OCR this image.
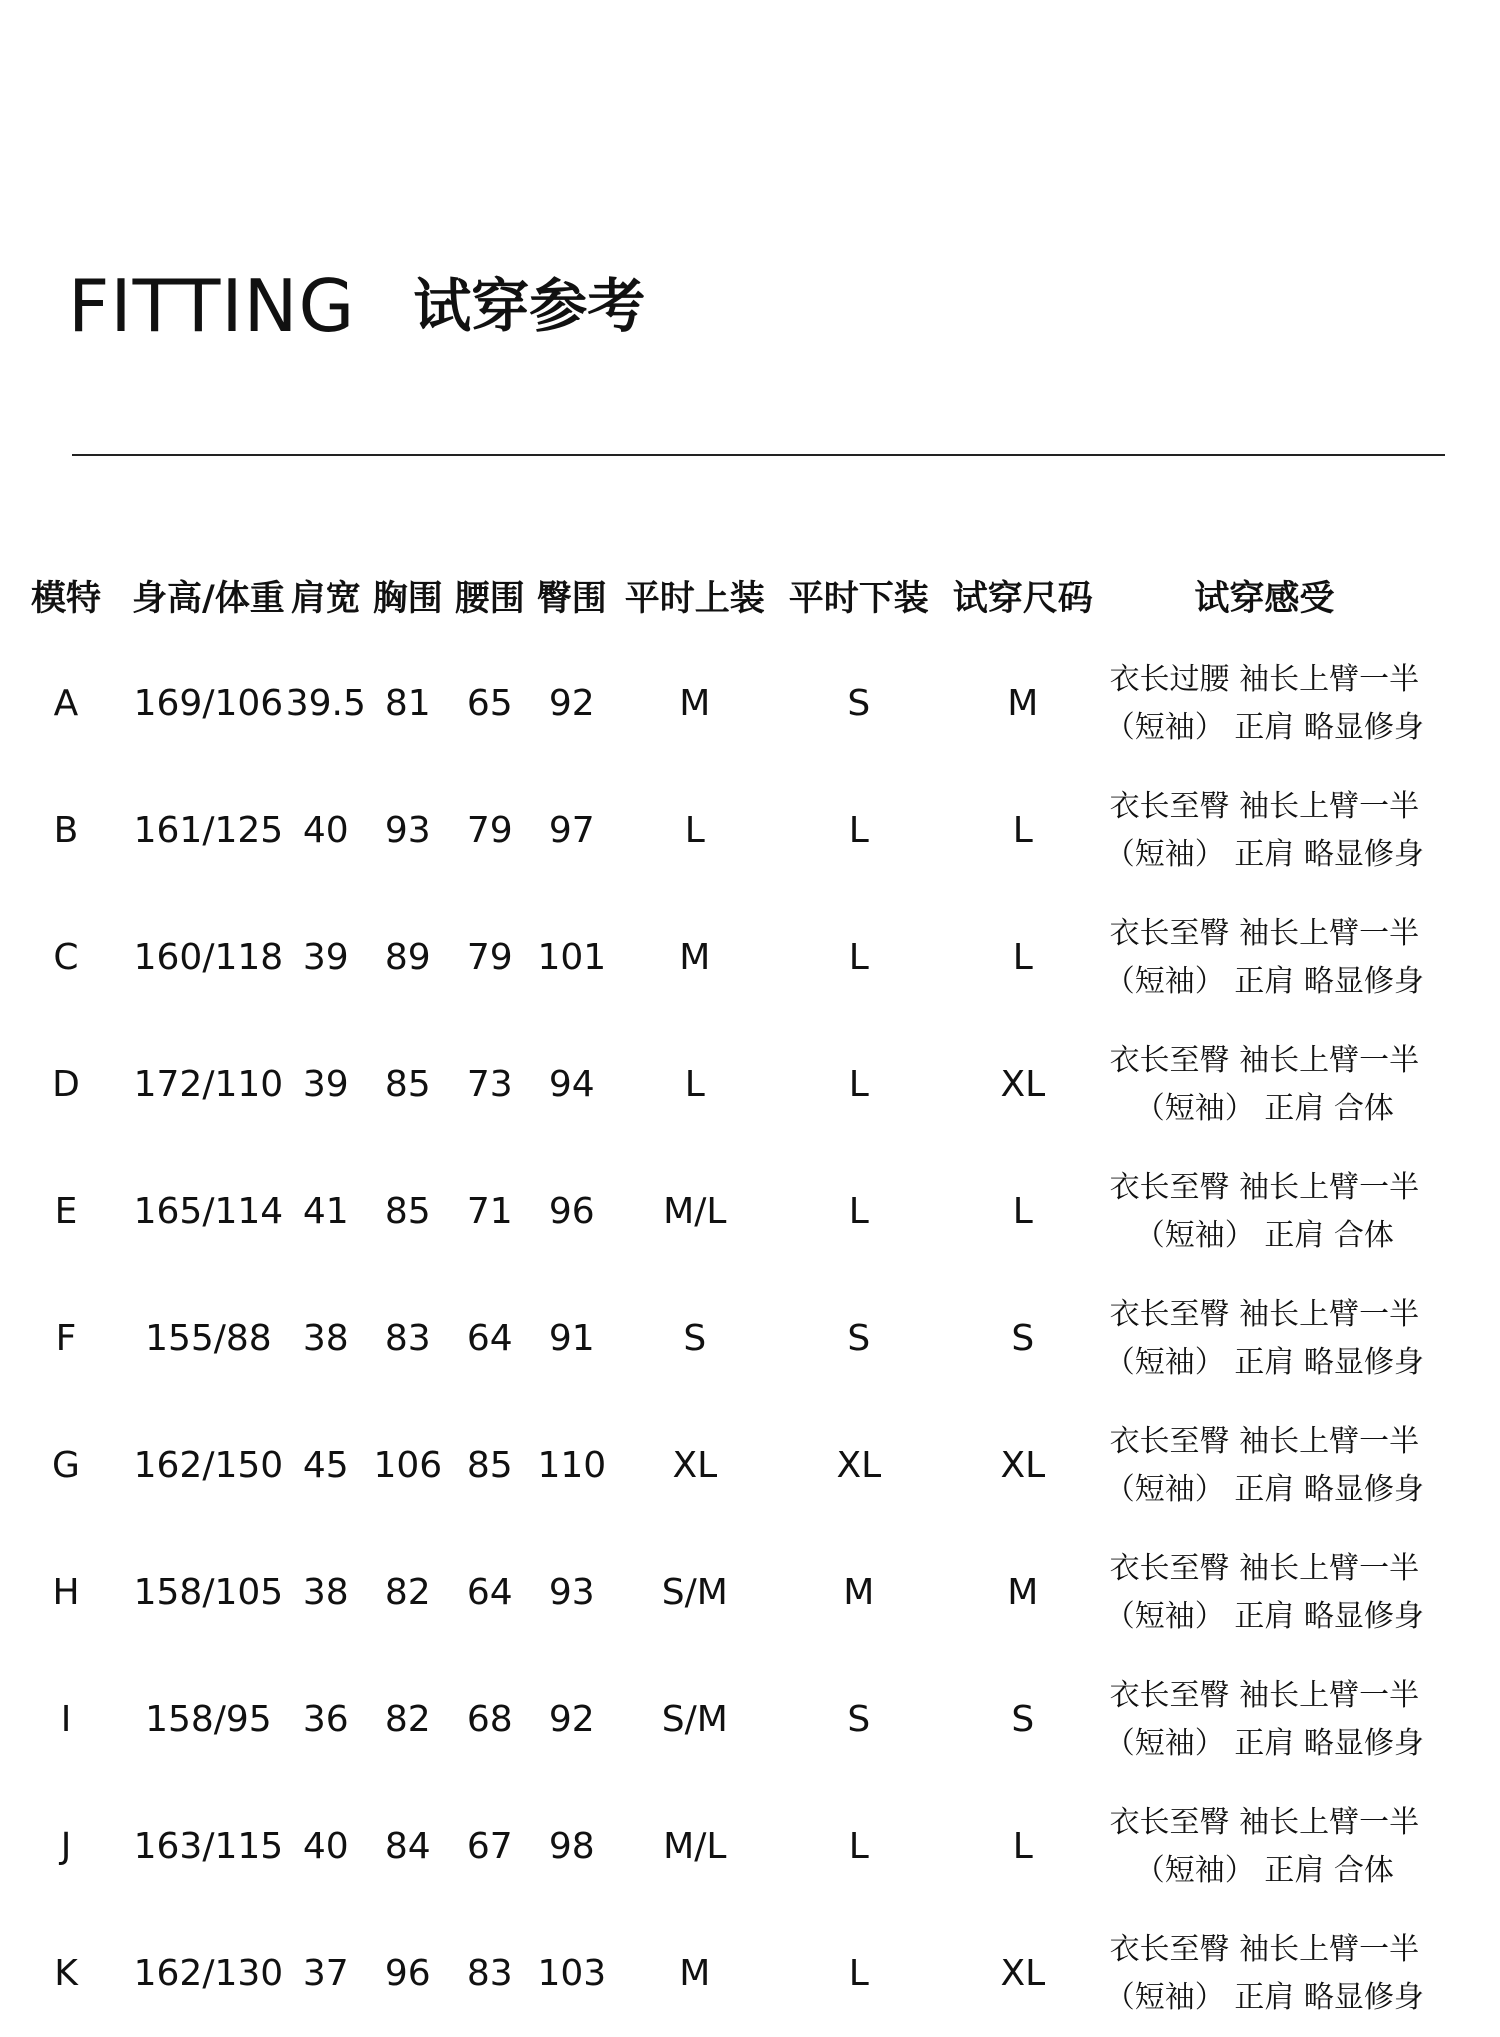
FITTING 试穿参考
模特	身高/体重	肩宽	胸围	腰围	臀围	平时上装	平时下装	试穿尺码	试穿感受
A	169/106	39.5	81	65	92	M	S	M	衣长过腰 袖长上臂一半
（短袖） 正肩 略显修身

B	161/125	40	93	79	97	L	L	L	衣长至臀 袖长上臂一半
（短袖） 正肩 略显修身

C	160/118	39	89	79	101	M	L	L	衣长至臀 袖长上臂一半
（短袖） 正肩 略显修身

D	172/110	39	85	73	94	L	L	XL	衣长至臀 袖长上臂一半
（短袖） 正肩 合体

E	165/114	41	85	71	96	M/L	L	L	衣长至臀 袖长上臂一半
（短袖） 正肩 合体

F	155/88	38	83	64	91	S	S	S	衣长至臀 袖长上臂一半
（短袖） 正肩 略显修身

G	162/150	45	106	85	110	XL	XL	XL	衣长至臀 袖长上臂一半
（短袖） 正肩 略显修身

H	158/105	38	82	64	93	S/M	M	M	衣长至臀 袖长上臂一半
（短袖） 正肩 略显修身

I	158/95	36	82	68	92	S/M	S	S	衣长至臀 袖长上臂一半
（短袖） 正肩 略显修身

J	163/115	40	84	67	98	M/L	L	L	衣长至臀 袖长上臂一半
（短袖） 正肩 合体

K	162/130	37	96	83	103	M	L	XL	衣长至臀 袖长上臂一半
（短袖） 正肩 略显修身
